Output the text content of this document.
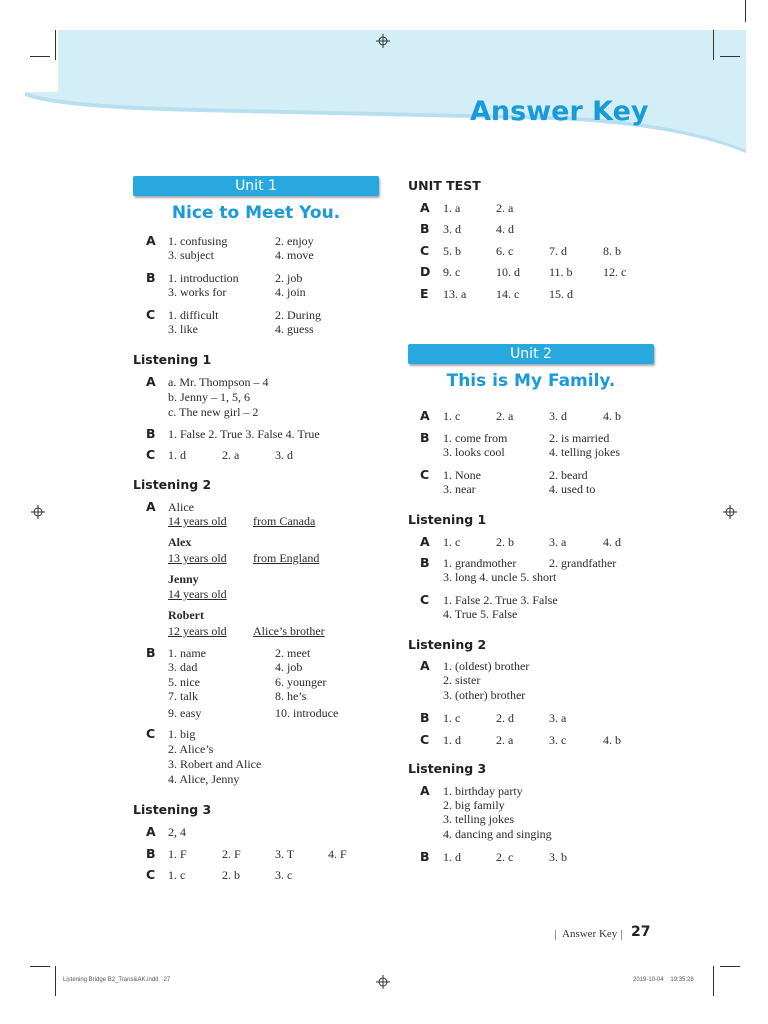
Answer Key
Unit 1
Nice to Meet You.
A 1. confusing	2. enjoy
3. subject	4. move
B 1. introduction	2. job
3. works for	4. join
C 1. difficult	2. During
3. like	4. guess
Listening 1
A a. Mr. Thompson – 4
b. Jenny – 1, 5, 6
c. The new girl – 2
B 1. False 2. True 3. False 4. True
C 1. d	2. a	3. d
Listening 2
A Alice
14 years old from Canada
Alex
13 years old from England
Jenny
14 years old
Robert
12 years old Alice’s brother
B 1. name	2. meet
3. dad	4. job
5. nice	6. younger
7. talk	8. he’s
9. easy	10. introduce
C 1. big
2. Alice’s
3. Robert and Alice
4. Alice, Jenny
Listening 3
A 2, 4
B 1. F	2. F	3. T	4. F
C 1. c	2. b	3. c
UNIT TEST
A 1. a	2. a
B 3. d	4. d
C 5. b	6. c	7. d	8. b
D 9. c	10. d 11. b	12. c
E 13. a 14. c 15. d
Unit 2
This is My Family.
A 1. c	2. a	3. d	4. b
B 1. come from	2. is married
3. looks cool	4. telling jokes
C 1. None	2. beard
3. near	4. used to
Listening 1
A 1. c	2. b	3. a	4. d
B 1. grandmother	2. grandfather
3. long 4. uncle 5. short
C 1. False 2. True 3. False
4. True 5. False
Listening 2
A 1. (oldest) brother
2. sister
3. (other) brother
B 1. c	2. d	3. a
C 1. d	2. a	3. c	4. b
Listening 3
A 1. birthday party
2. big family
3. telling jokes
4. dancing and singing
B 1. d	2. c	3. b
Answer Key 27
Listening Bridge B2_Trans&AK.indd   27	2019-10-04    19:35:28
